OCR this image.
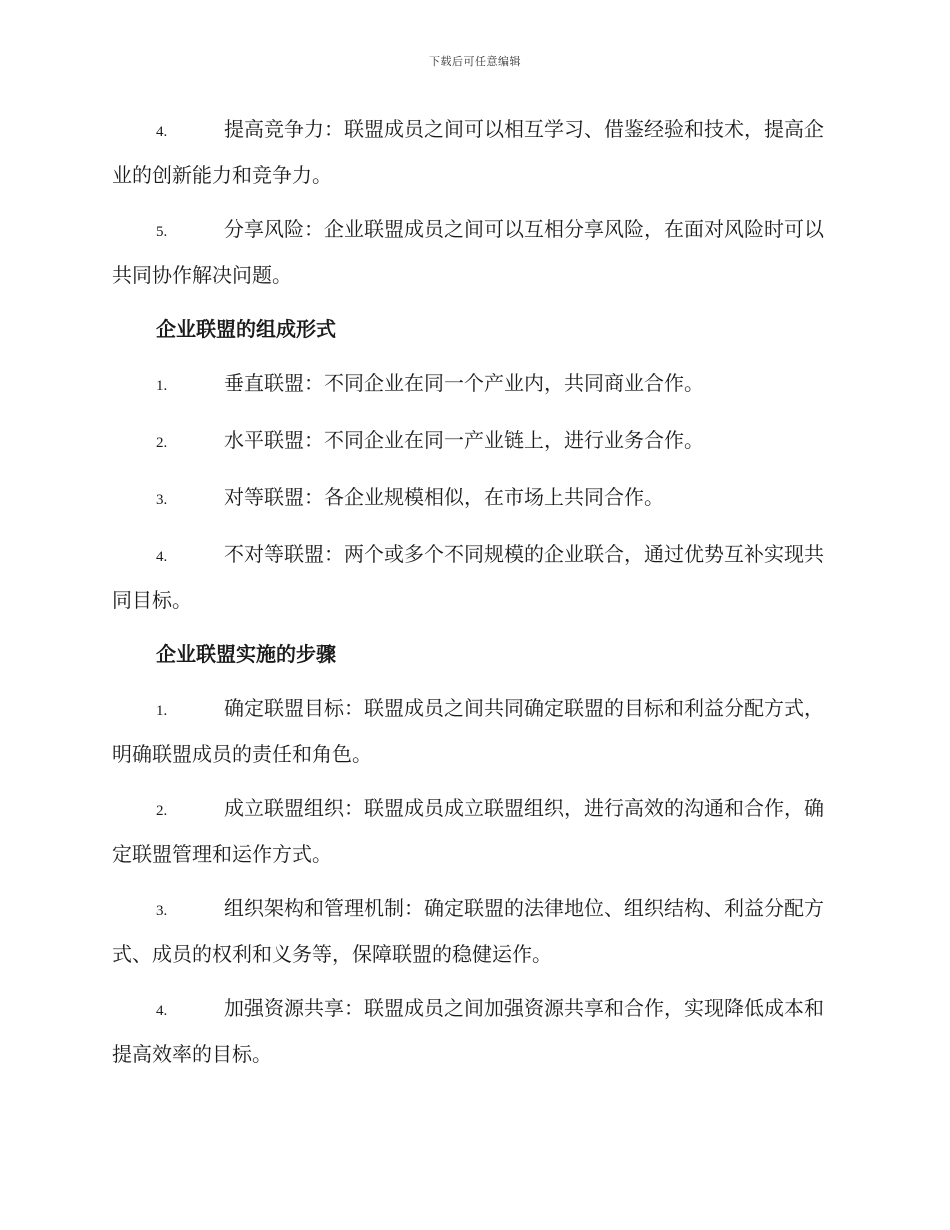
下载后可任意编辑

4.	提高竞争力：联盟成员之间可以相互学习、借鉴经验和技术，提高企业的创新能力和竞争力。

5.	分享风险：企业联盟成员之间可以互相分享风险，在面对风险时可以共同协作解决问题。

企业联盟的组成形式

1.	垂直联盟：不同企业在同一个产业内，共同商业合作。

2.	水平联盟：不同企业在同一产业链上，进行业务合作。

3.	对等联盟：各企业规模相似，在市场上共同合作。

4.	不对等联盟：两个或多个不同规模的企业联合，通过优势互补实现共同目标。

企业联盟实施的步骤

1.	确定联盟目标：联盟成员之间共同确定联盟的目标和利益分配方式，明确联盟成员的责任和角色。

2.	成立联盟组织：联盟成员成立联盟组织，进行高效的沟通和合作，确定联盟管理和运作方式。

3.	组织架构和管理机制：确定联盟的法律地位、组织结构、利益分配方式、成员的权利和义务等，保障联盟的稳健运作。

4.	加强资源共享：联盟成员之间加强资源共享和合作，实现降低成本和提高效率的目标。
